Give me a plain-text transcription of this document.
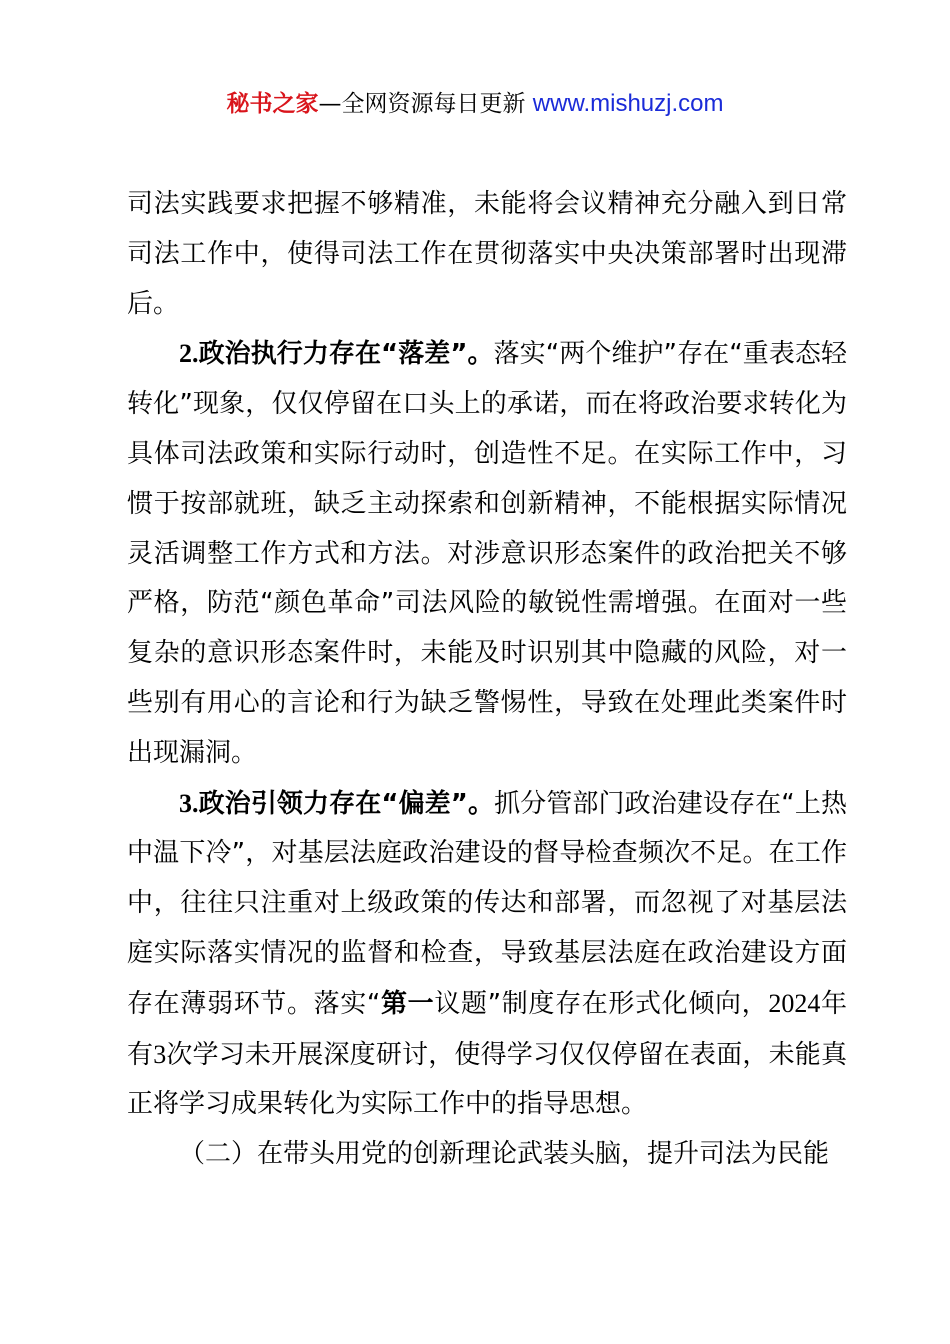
秘书之家—全网资源每日更新 www.mishuzj.com

司法实践要求把握不够精准，未能将会议精神充分融入到日常司法工作中，使得司法工作在贯彻落实中央决策部署时出现滞后。

2.政治执行力存在“落差”。落实“两个维护”存在“重表态轻转化”现象，仅仅停留在口头上的承诺，而在将政治要求转化为具体司法政策和实际行动时，创造性不足。在实际工作中，习惯于按部就班，缺乏主动探索和创新精神，不能根据实际情况灵活调整工作方式和方法。对涉意识形态案件的政治把关不够严格，防范“颜色革命”司法风险的敏锐性需增强。在面对一些复杂的意识形态案件时，未能及时识别其中隐藏的风险，对一些别有用心的言论和行为缺乏警惕性，导致在处理此类案件时出现漏洞。

3.政治引领力存在“偏差”。抓分管部门政治建设存在“上热中温下冷”，对基层法庭政治建设的督导检查频次不足。在工作中，往往只注重对上级政策的传达和部署，而忽视了对基层法庭实际落实情况的监督和检查，导致基层法庭在政治建设方面存在薄弱环节。落实“第一议题”制度存在形式化倾向，2024年有3次学习未开展深度研讨，使得学习仅仅停留在表面，未能真正将学习成果转化为实际工作中的指导思想。

（二）在带头用党的创新理论武装头脑，提升司法为民能
